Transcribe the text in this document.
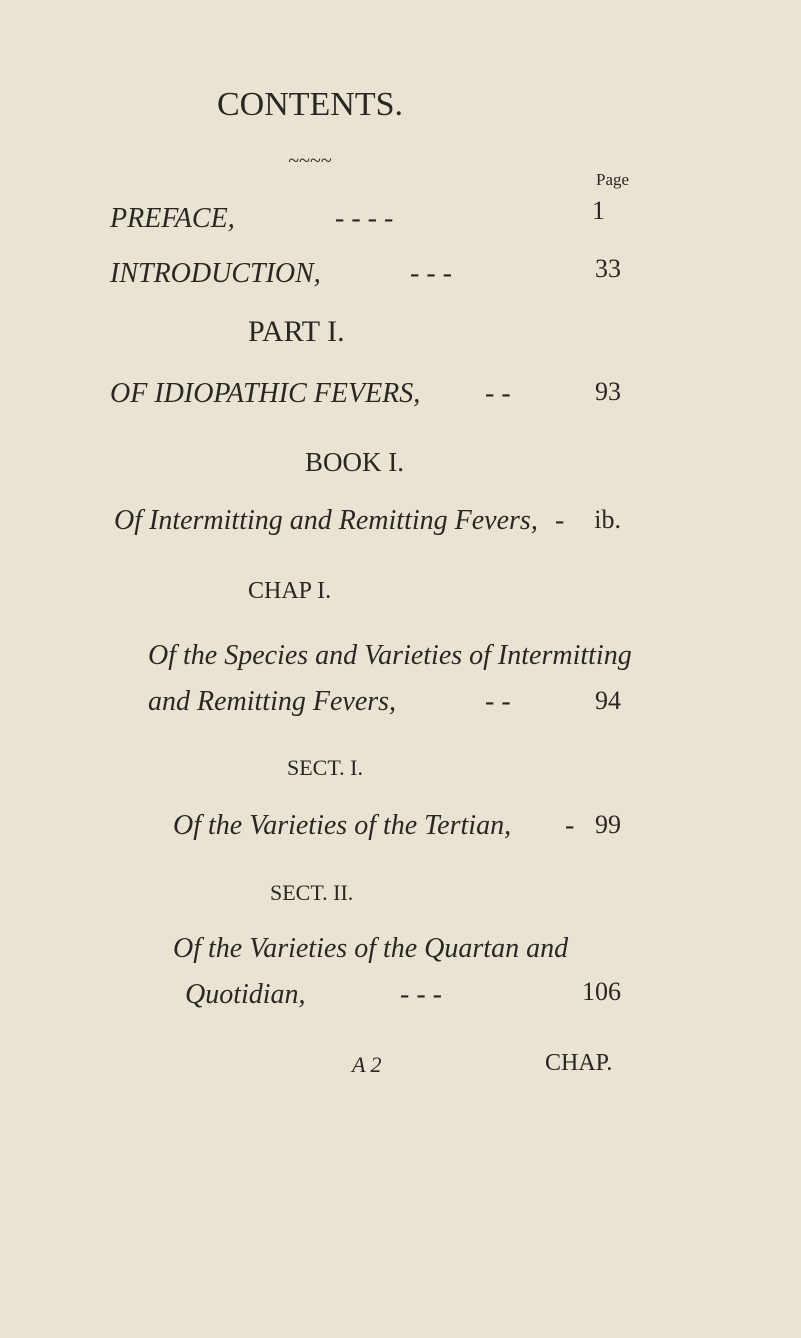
CONTENTS.
~~~~
Page
PREFACE,	- - - -	1
INTRODUCTION,	- - -	33
PART I.
OF IDIOPATHIC FEVERS, - -	93
BOOK I.
Of Intermitting and Remitting Fevers, - ib.
CHAP I.
Of the Species and Varieties of Intermitting
and Remitting Fevers,	- -	94
SECT. I.
Of the Varieties of the Tertian, - 99
SECT. II.
Of the Varieties of the Quartan and
Quotidian,	- - -	106
A 2	CHAP.
